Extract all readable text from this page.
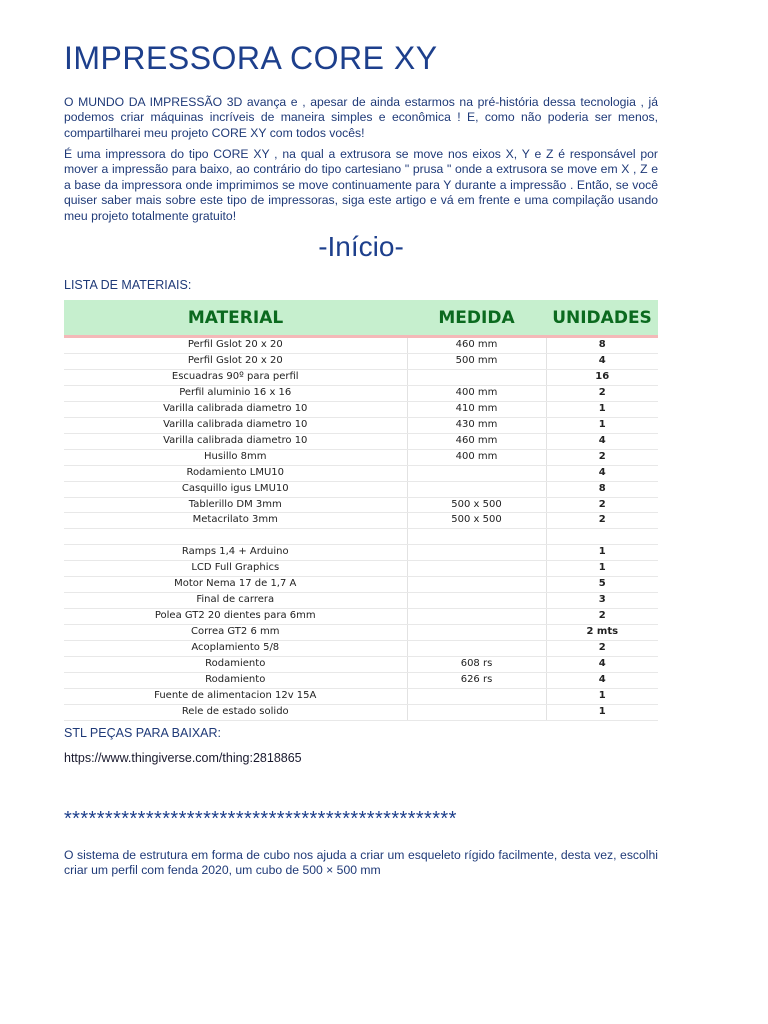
IMPRESSORA CORE XY

O MUNDO DA IMPRESSÃO 3D avança e , apesar de ainda estarmos na pré-história dessa tecnologia , já podemos criar máquinas incríveis de maneira simples e econômica ! E, como não poderia ser menos, compartilharei meu projeto CORE XY com todos vocês!

É uma impressora do tipo CORE XY , na qual a extrusora se move nos eixos X, Y e Z é responsável por mover a impressão para baixo, ao contrário do tipo cartesiano " prusa " onde a extrusora se move em X , Z e a base da impressora onde imprimimos se move continuamente para Y durante a impressão . Então, se você quiser saber mais sobre este tipo de impressoras, siga este artigo e vá em frente e uma compilação usando meu projeto totalmente gratuito!

-Início-

LISTA DE MATERIAIS:

MATERIAL	MEDIDA	UNIDADES
Perfil Gslot 20 x 20	460 mm	8
Perfil Gslot 20 x 20	500 mm	4
Escuadras 90º para perfil		16
Perfil aluminio 16 x 16	400 mm	2
Varilla calibrada diametro 10	410 mm	1
Varilla calibrada diametro 10	430 mm	1
Varilla calibrada diametro 10	460 mm	4
Husillo 8mm	400 mm	2
Rodamiento LMU10		4
Casquillo igus LMU10		8
Tablerillo DM 3mm	500 x 500	2
Metacrilato 3mm	500 x 500	2

Ramps 1,4 + Arduino		1
LCD Full Graphics		1
Motor Nema 17 de 1,7 A		5
Final de carrera		3
Polea GT2 20 dientes para 6mm		2
Correa GT2 6 mm		2 mts
Acoplamiento 5/8		2
Rodamiento	608 rs	4
Rodamiento	626 rs	4
Fuente de alimentacion 12v 15A		1
Rele de estado solido		1

STL PEÇAS PARA BAIXAR:

https://www.thingiverse.com/thing:2818865

************************************************

O sistema de estrutura em forma de cubo nos ajuda a criar um esqueleto rígido facilmente, desta vez, escolhi criar um perfil com fenda 2020, um cubo de 500 × 500 mm
